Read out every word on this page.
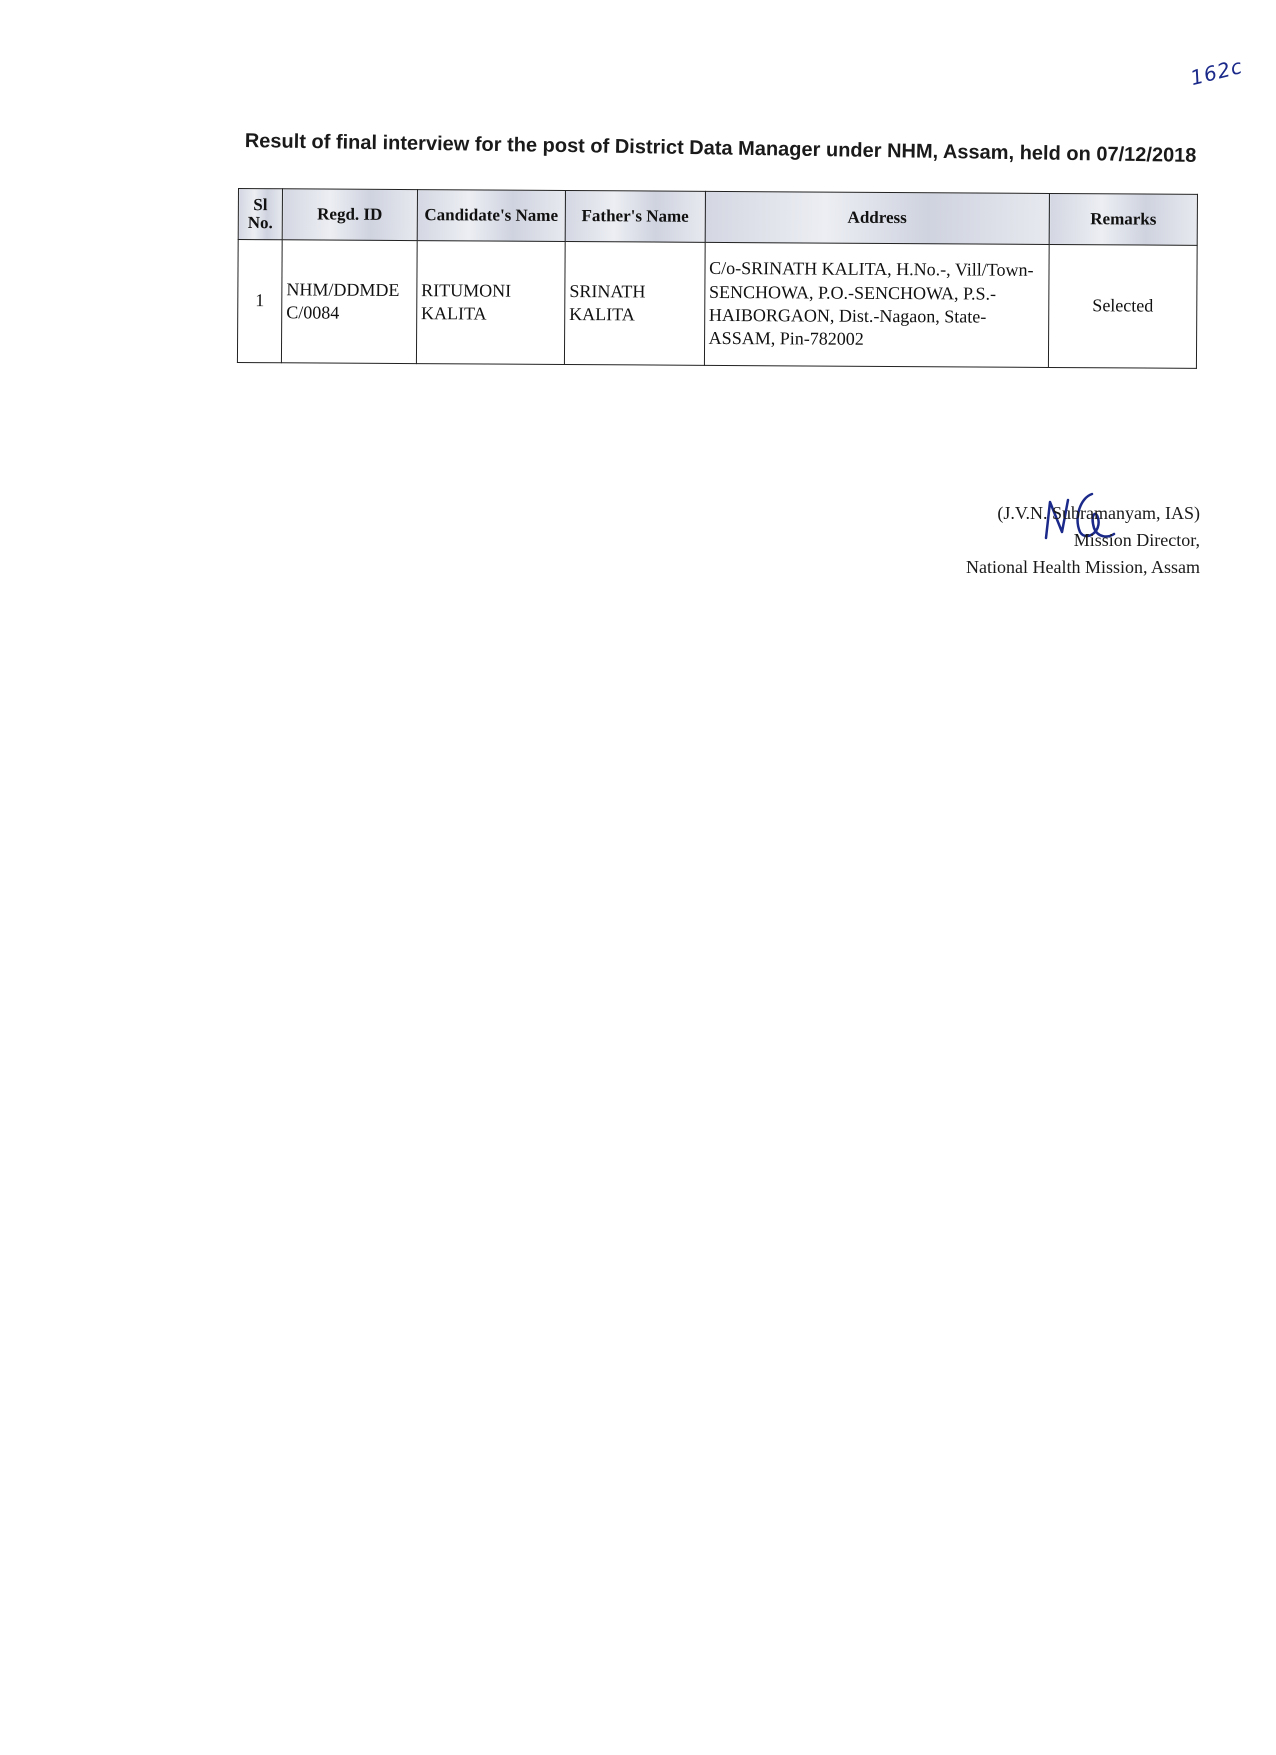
162c
Result of final interview for the post of District Data Manager under NHM, Assam, held on 07/12/2018
Sl No.	Regd. ID	Candidate's Name	Father's Name	Address	Remarks
1	NHM/DDMDEC/0084	RITUMONI KALITA	SRINATH KALITA	C/o-SRINATH KALITA, H.No.-, Vill/Town-SENCHOWA, P.O.-SENCHOWA, P.S.-HAIBORGAON, Dist.-Nagaon, State-ASSAM, Pin-782002	Selected
(J.V.N. Subramanyam, IAS)
Mission Director,
National Health Mission, Assam
